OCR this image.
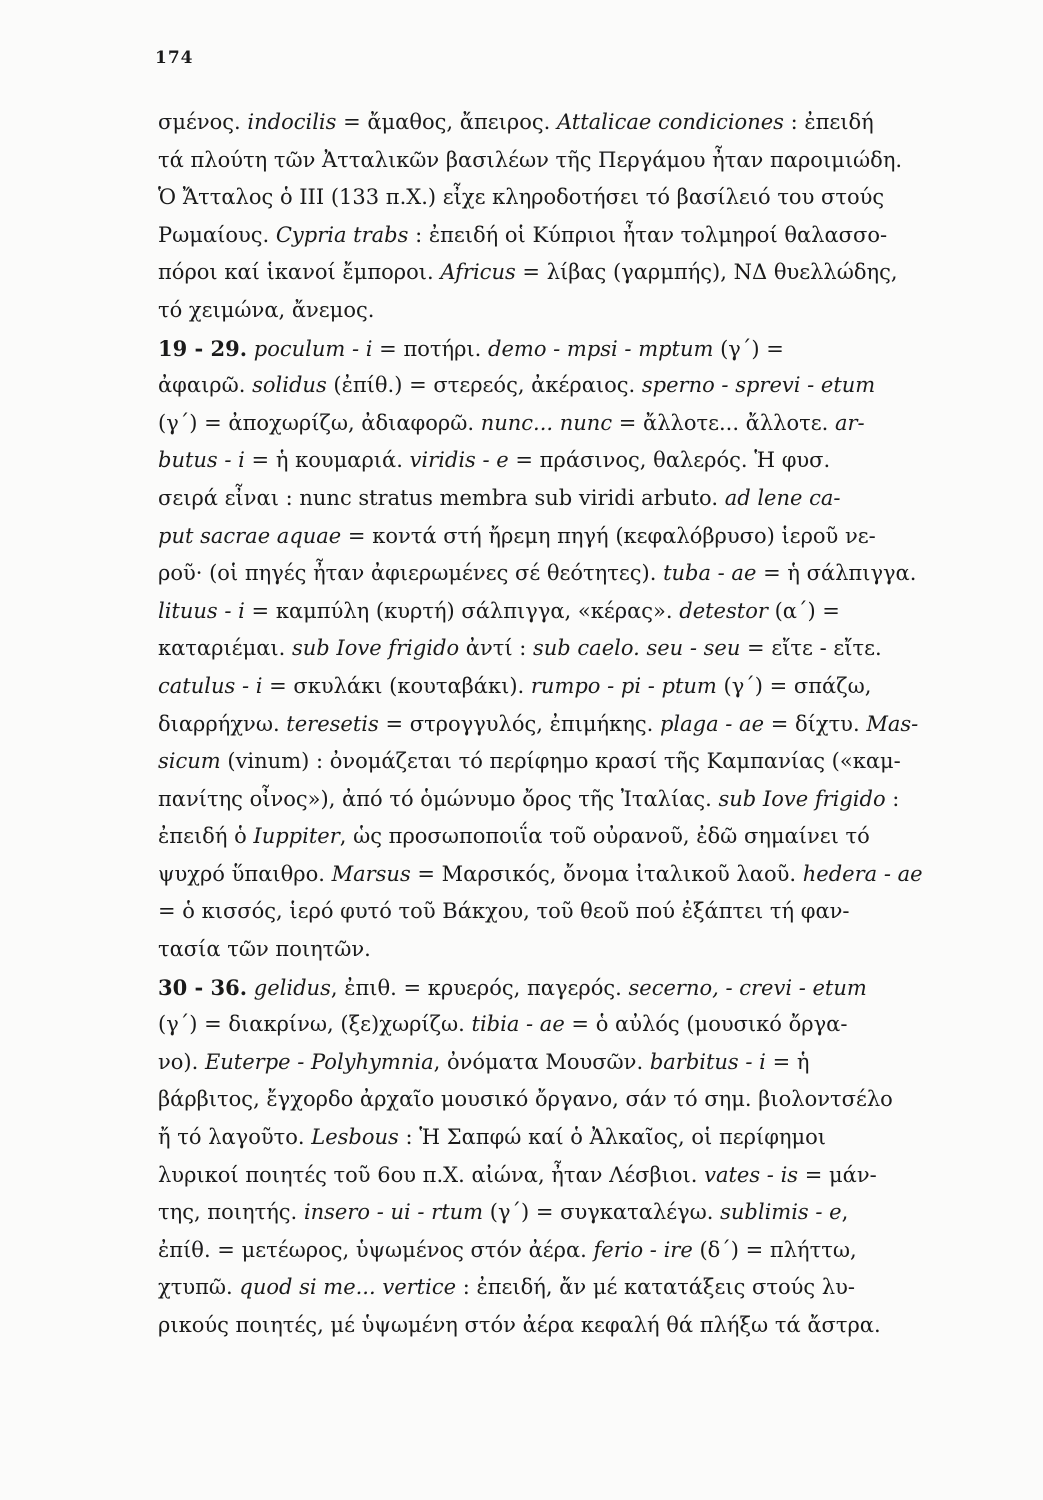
174
σμένος. indocilis = ἄμαθος, ἄπειρος. Attalicae condiciones : ἐπειδή
τά πλούτη τῶν Ἀτταλικῶν βασιλέων τῆς Περγάμου ἦταν παροιμιώδη.
Ὁ Ἄτταλος ὁ III (133 π.Χ.) εἶχε κληροδοτήσει τό βασίλειό του στούς
Ρωμαίους. Cypria trabs : ἐπειδή οἱ Κύπριοι ἦταν τολμηροί θαλασσο-
πόροι καί ἱκανοί ἔμποροι. Africus = λίβας (γαρμπής), ΝΔ θυελλώδης,
τό χειμώνα, ἄνεμος.
19 - 29. poculum - i = ποτήρι. demo - mpsi - mptum (γ΄) =
ἀφαιρῶ. solidus (ἐπίθ.) = στερεός, ἀκέραιος. sperno - sprevi - etum
(γ΄) = ἀποχωρίζω, ἀδιαφορῶ. nunc... nunc = ἄλλοτε... ἄλλοτε. ar-
butus - i = ἡ κουμαριά. viridis - e = πράσινος, θαλερός. Ἡ φυσ.
σειρά εἶναι : nunc stratus membra sub viridi arbuto. ad lene ca-
put sacrae aquae = κοντά στή ἤρεμη πηγή (κεφαλόβρυσο) ἱεροῦ νε-
ροῦ· (οἱ πηγές ἦταν ἀφιερωμένες σέ θεότητες). tuba - ae = ἡ σάλπιγγα.
lituus - i = καμπύλη (κυρτή) σάλπιγγα, «κέρας». detestor (α΄) =
καταριέμαι. sub Iove frigido ἀντί : sub caelo. seu - seu = εἴτε - εἴτε.
catulus - i = σκυλάκι (κουταβάκι). rumpo - pi - ptum (γ΄) = σπάζω,
διαρρήχνω. teresetis = στρογγυλός, ἐπιμήκης. plaga - ae = δίχτυ. Mas-
sicum (vinum) : ὀνομάζεται τό περίφημο κρασί τῆς Καμπανίας («καμ-
πανίτης οἶνος»), ἀπό τό ὁμώνυμο ὄρος τῆς Ἰταλίας. sub Iove frigido :
ἐπειδή ὁ Iuppiter, ὡς προσωποποιΐα τοῦ οὐρανοῦ, ἐδῶ σημαίνει τό
ψυχρό ὕπαιθρο. Marsus = Μαρσικός, ὄνομα ἰταλικοῦ λαοῦ. hedera - ae
= ὁ κισσός, ἱερό φυτό τοῦ Βάκχου, τοῦ θεοῦ πού ἐξάπτει τή φαν-
τασία τῶν ποιητῶν.
30 - 36. gelidus, ἐπιθ. = κρυερός, παγερός. secerno, - crevi - etum
(γ΄) = διακρίνω, (ξε)χωρίζω. tibia - ae = ὁ αὐλός (μουσικό ὄργα-
νο). Euterpe - Polyhymnia, ὀνόματα Μουσῶν. barbitus - i = ἡ
βάρβιτος, ἔγχορδο ἀρχαῖο μουσικό ὄργανο, σάν τό σημ. βιολοντσέλο
ἤ τό λαγοῦτο. Lesbous : Ἡ Σαπφώ καί ὁ Ἀλκαῖος, οἱ περίφημοι
λυρικοί ποιητές τοῦ 6ου π.Χ. αἰώνα, ἦταν Λέσβιοι. vates - is = μάν-
της, ποιητής. insero - ui - rtum (γ΄) = συγκαταλέγω. sublimis - e,
ἐπίθ. = μετέωρος, ὑψωμένος στόν ἀέρα. ferio - ire (δ΄) = πλήττω,
χτυπῶ. quod si me... vertice : ἐπειδή, ἄν μέ κατατάξεις στούς λυ-
ρικούς ποιητές, μέ ὑψωμένη στόν ἀέρα κεφαλή θά πλήξω τά ἄστρα.
